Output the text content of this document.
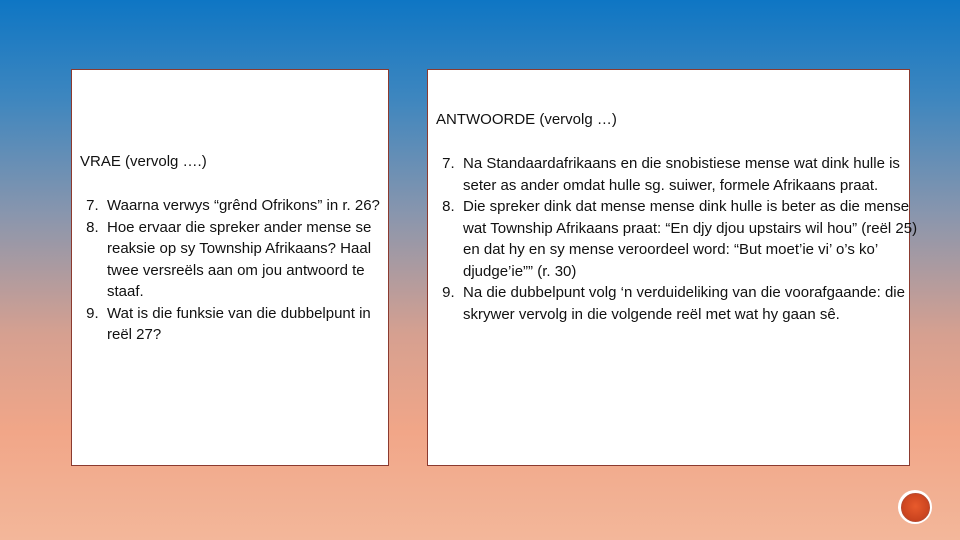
VRAE (vervolg ….)
7. Waarna verwys “grênd Ofrikons” in r. 26?
8. Hoe ervaar die spreker ander mense se reaksie op sy Township Afrikaans? Haal twee versreëls aan om jou antwoord te staaf.
9. Wat is die funksie van die dubbelpunt in reël 27?
ANTWOORDE (vervolg …)
7. Na Standaardafrikaans en die snobistiese mense wat dink hulle is seter as ander omdat hulle sg. suiwer, formele Afrikaans praat.
8. Die spreker dink dat mense mense dink hulle is beter as die mense wat Township Afrikaans praat: “En djy djou upstairs wil hou” (reël 25) en dat hy en sy mense veroordeel word: “But moet’ie vi’ o’s ko’ djudge’ie”” (r. 30)
9. Na die dubbelpunt volg ‘n verduideliking van die voorafgaande: die skrywer vervolg in die volgende reël met wat hy gaan sê.
